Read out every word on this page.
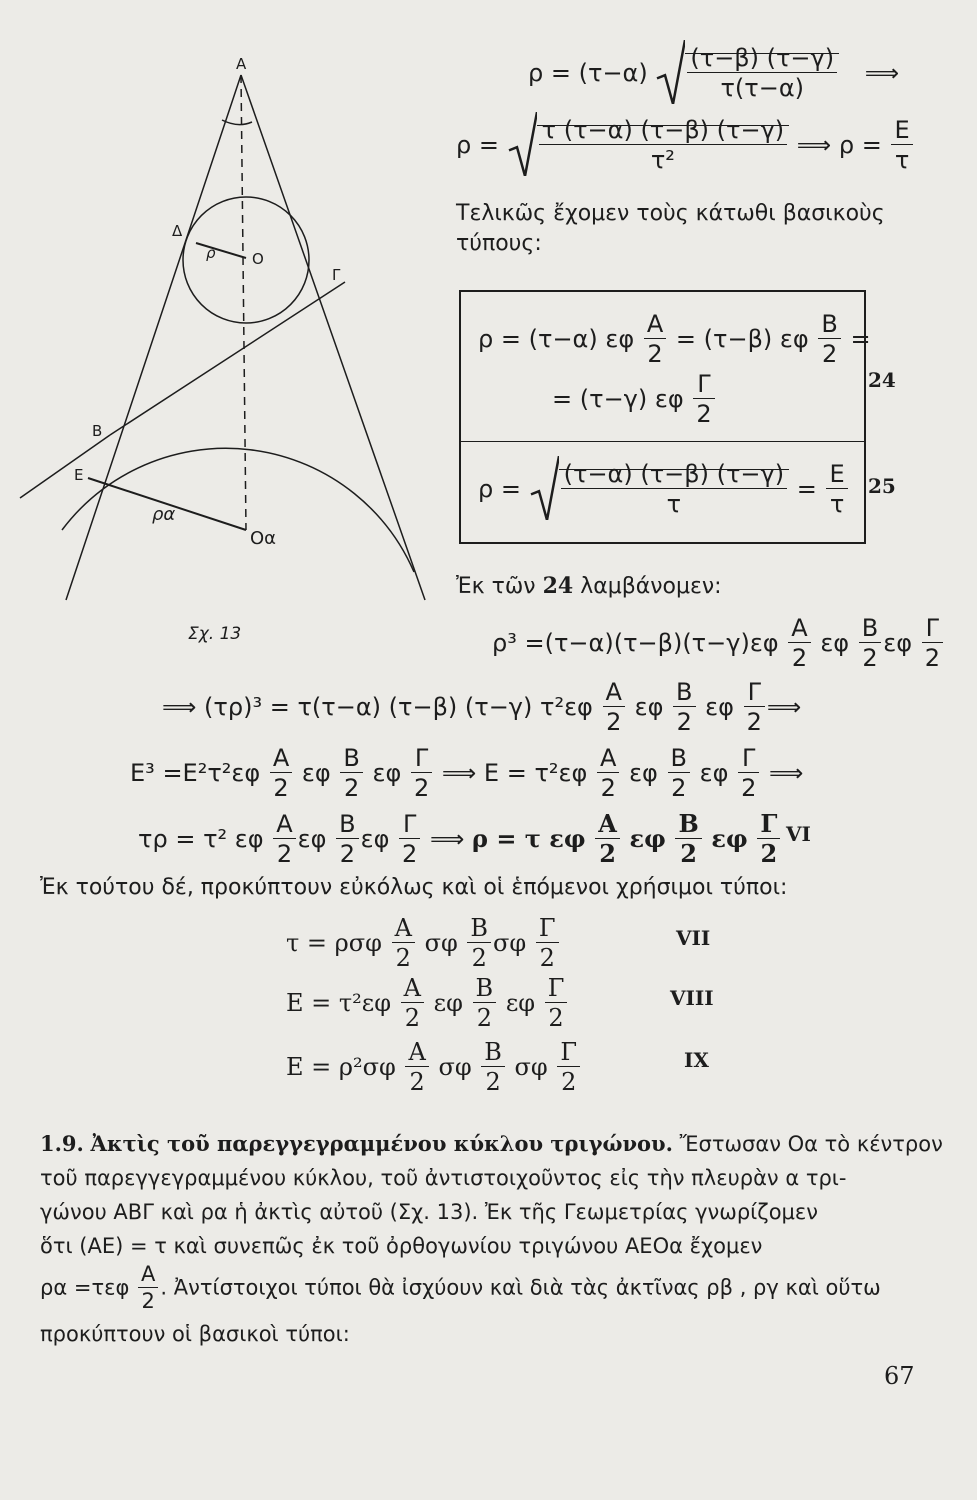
A
Δ
ρ O
Γ
B
E
ρα
Oα
Σχ. 13
$\rho = (\tau-\alpha) \frac{(\tau-\beta) (\tau-\gamma)}{\tau(\tau-\alpha)}$ ⟹
$\rho = \frac{\tau (\tau-\alpha) (\tau-\beta) (\tau-\gamma)}{\text{τ²}}$ ⟹ $\rho = \frac{E}{\tau}$
Τελικῶς ἔχομεν τοὺς κάτωθι βασικοὺς
τύπους:
ρ = (τ−α) εφ $\frac{A}{2} = (\tau-\beta)$ εφ $\frac{B}{2}$ =
= (τ−γ) εφ $\frac{\Gamma}{2}$	24
$\rho = \frac{(\tau-\alpha) (\tau-\beta) (\tau-\gamma)}{\tau} = \frac{E}{\tau} 25$
Ἐκ τῶν 24 λαμβάνομεν:
$\rho^3 =(\tau-\alpha)(\tau-\beta)(\tau-\gamma)\varepsilon\varphi \frac{A}{2}$ εφ $\frac{B}{2}$ εφ $\frac{\Gamma}{2}$
⟹ (τρ)³ = τ(τ−α) (τ−β) (τ−γ) $\tau^2\varepsilon\varphi \frac{A}{2}$ εφ $\frac{B}{2}$ εφ $\frac{\Gamma}{2}$ ⟹
$E^3 =E^2\tau^2\varepsilon\varphi \frac{A}{2}$ εφ $\frac{B}{2}$ εφ $\frac{\Gamma}{2}$ ⟹ $E = \tau^2\varepsilon\varphi \frac{A}{2}$ εφ $\frac{B}{2}$ εφ $\frac{\Gamma}{2}$ ⟹
τρ = τ² εφ $\frac{A}{2}$ εφ $\frac{B}{2}$ εφ $\frac{\Gamma}{2}$ ⟹ ρ = τ εφ $\frac{A}{2}$ εφ $\frac{B}{2}$ εφ $\frac{\Gamma}{2}$ VI
Ἐκ τούτου δέ, προκύπτουν εὐκόλως καὶ οἱ ἑπόμενοι χρήσιμοι τύποι:
τ = ρσφ $\frac{A}{2}$ σφ $\frac{B}{2}$ σφ $\frac{\Gamma}{2}$	VII
$E = \tau^2\varepsilon\varphi \frac{A}{2}$ εφ $\frac{B}{2}$ εφ $\frac{\Gamma}{2}$	VIII
$E = \rho^2\sigma\varphi \frac{A}{2}$ σφ $\frac{B}{2}$ σφ $\frac{\Gamma}{2}$	IX
1.9. Ἀκτὶς τοῦ παρεγγεγραμμένου κύκλου τριγώνου. Ἔστωσαν Oα τὸ κέντρον
τοῦ παρεγγεγραμμένου κύκλου, τοῦ ἀντιστοιχοῦντος εἰς τὴν πλευρὰν α τρι-
γώνου ΑΒΓ καὶ ρα ἡ ἀκτὶς αὐτοῦ (Σχ. 13). Ἐκ τῆς Γεωμετρίας γνωρίζομεν
ὅτι (AE) = τ καὶ συνεπῶς ἐκ τοῦ ὀρθογωνίου τριγώνου AEOα ἔχομεν
$\rho\alpha =\tau\varepsilon\varphi \frac{A}{2}$ . Ἀντίστοιχοι τύποι θὰ ἰσχύουν καὶ διὰ τὰς ἀκτῖνας ρβ , ργ καὶ οὕτω
προκύπτουν οἱ βασικοὶ τύποι:
67
